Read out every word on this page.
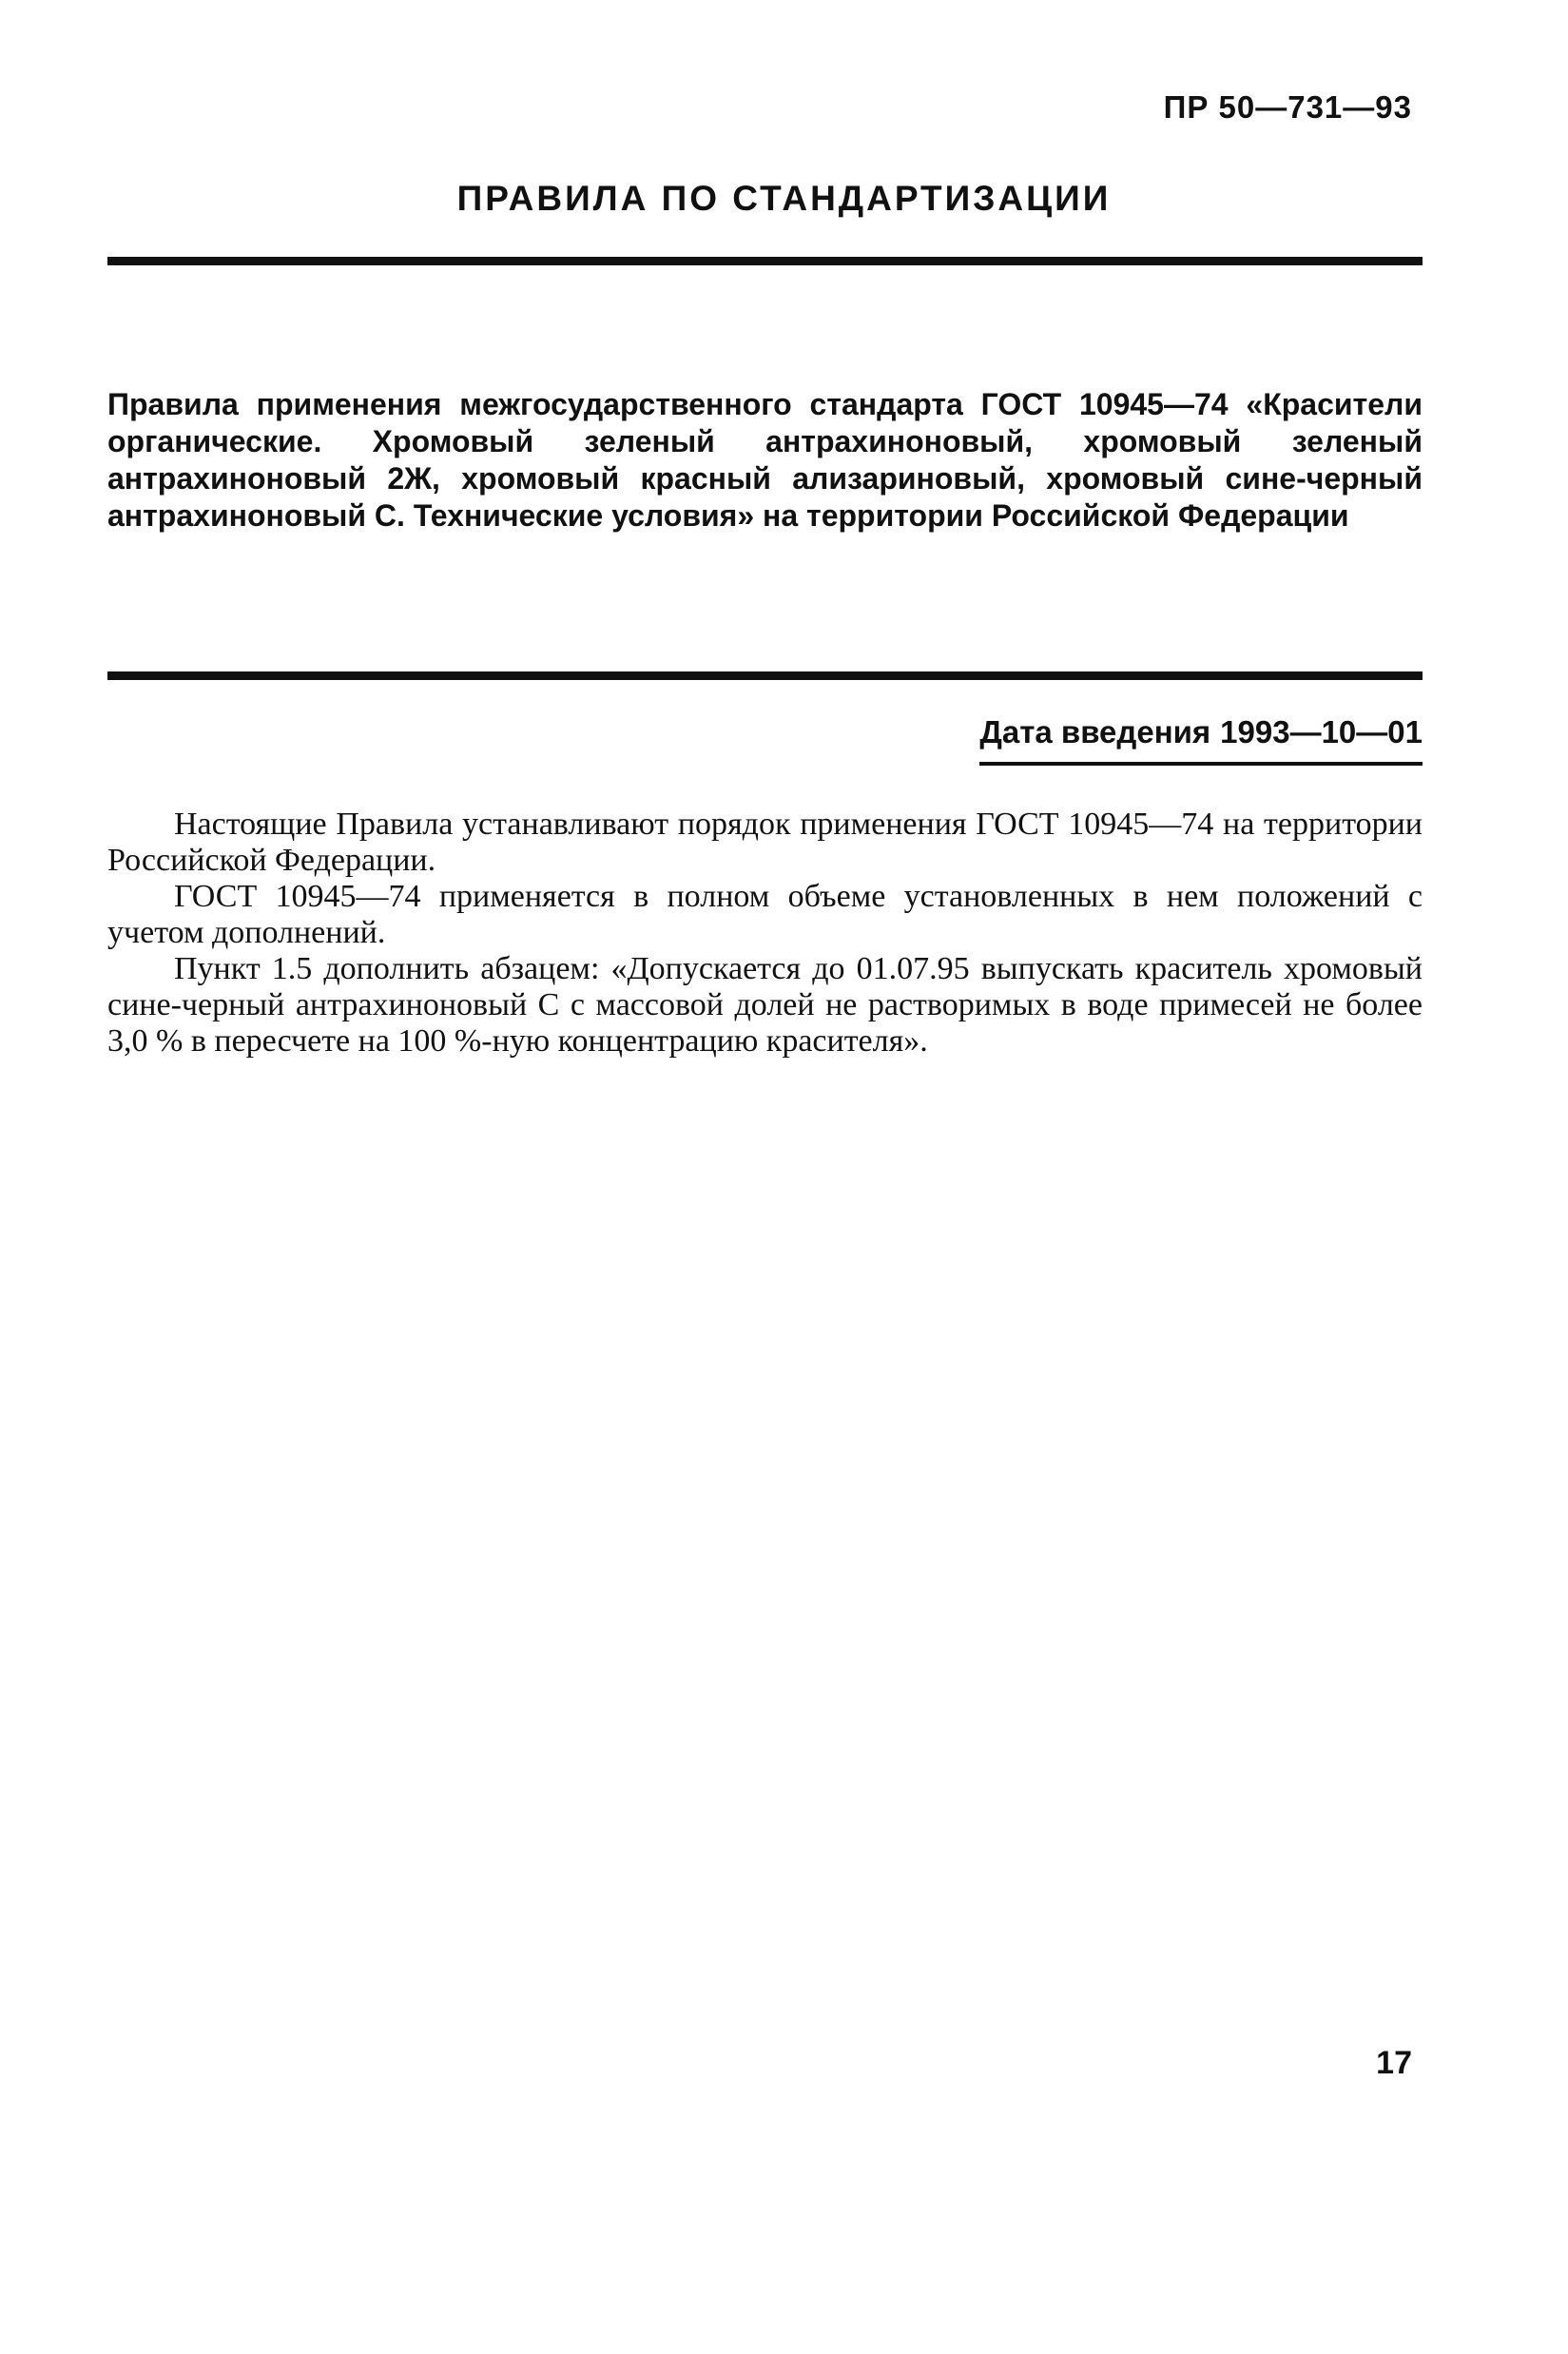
ПР 50—731—93
ПРАВИЛА ПО СТАНДАРТИЗАЦИИ
Правила применения межгосударственного стандарта ГОСТ 10945—74 «Красители органические. Хромовый зеленый антрахиноновый, хромовый зеленый антрахиноновый 2Ж, хромовый красный ализариновый, хромовый сине-черный антрахиноновый С. Технические условия» на территории Российской Федерации
Дата введения 1993—10—01

Настоящие Правила устанавливают порядок применения ГОСТ 10945—74 на территории Российской Федерации.

ГОСТ 10945—74 применяется в полном объеме установленных в нем положений с учетом дополнений.

Пункт 1.5 дополнить абзацем: «Допускается до 01.07.95 выпускать краситель хромовый сине-черный антрахиноновый С с массовой долей не растворимых в воде примесей не более 3,0 % в пересчете на 100 %-ную концентрацию красителя».

17
